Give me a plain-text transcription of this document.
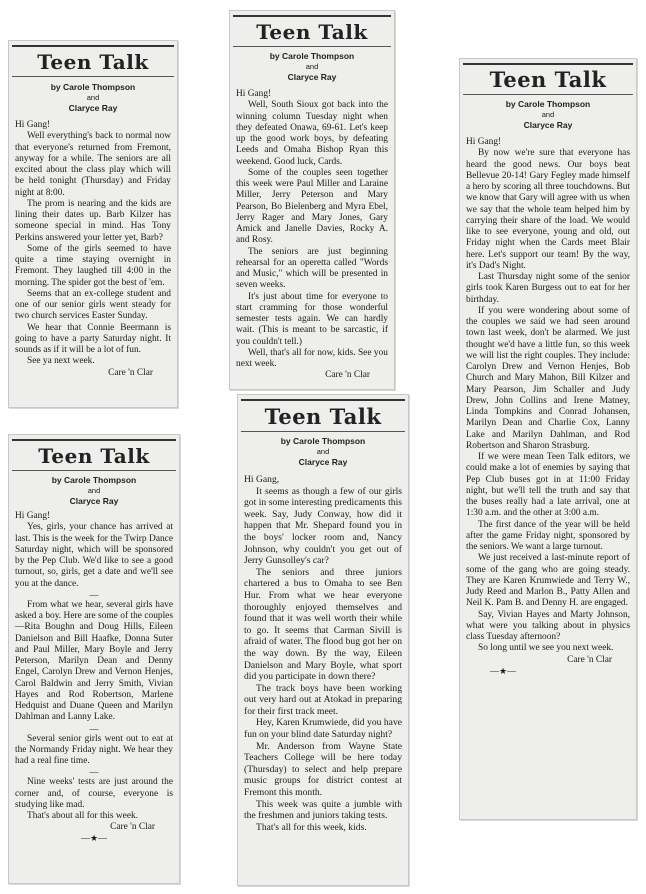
Teen Talk
by Carole Thompson
and
Claryce Ray

Hi Gang!

Well everything's back to normal now that everyone's returned from Fremont, anyway for a while. The seniors are all excited about the class play which will be held tonight (Thursday) and Friday night at 8:00.

The prom is nearing and the kids are lining their dates up. Barb Kilzer has someone special in mind. Has Tony Perkins answered your letter yet, Barb?

Some of the girls seemed to have quite a time staying overnight in Fremont. They laughed till 4:00 in the morning. The spider got the best of 'em.

Seems that an ex-college student and one of our senior girls went steady for two church services Easter Sunday.

We hear that Connie Beermann is going to have a party Saturday night. It sounds as if it will be a lot of fun.

See ya next week.

Care 'n Clar
Teen Talk
by Carole Thompson
and
Claryce Ray

Hi Gang!

Well, South Sioux got back into the winning column Tuesday night when they defeated Onawa, 69-61. Let's keep up the good work boys, by defeating Leeds and Omaha Bishop Ryan this weekend. Good luck, Cards.

Some of the couples seen together this week were Paul Miller and Laraine Miller, Jerry Peterson and Mary Pearson, Bo Bielenberg and Myra Ebel, Jerry Rager and Mary Jones, Gary Amick and Janelle Davies, Rocky A. and Rosy.

The seniors are just beginning rehearsal for an operetta called "Words and Music," which will be presented in seven weeks.

It's just about time for everyone to start cramming for those wonderful semester tests again. We can hardly wait. (This is meant to be sarcastic, if you couldn't tell.)

Well, that's all for now, kids. See you next week.

Care 'n Clar
Teen Talk
by Carole Thompson
and
Claryce Ray

Hi Gang!

By now we're sure that everyone has heard the good news. Our boys beat Bellevue 20-14! Gary Fegley made himself a hero by scoring all three touchdowns. But we know that Gary will agree with us when we say that the whole team helped him by carrying their share of the load. We would like to see everyone, young and old, out Friday night when the Cards meet Blair here. Let's support our team! By the way, it's Dad's Night.

Last Thursday night some of the senior girls took Karen Burgess out to eat for her birthday.

If you were wondering about some of the couples we said we had seen around town last week, don't be alarmed. We just thought we'd have a little fun, so this week we will list the right couples. They include: Carolyn Drew and Vernon Henjes, Bob Church and Mary Mahon, Bill Kilzer and Mary Pearson, Jim Schaller and Judy Drew, John Collins and Irene Matney, Linda Tompkins and Conrad Johansen, Marilyn Dean and Charlie Cox, Lanny Lake and Marilyn Dahlman, and Rod Robertson and Sharon Strasburg.

If we were mean Teen Talk editors, we could make a lot of enemies by saying that Pep Club buses got in at 11:00 Friday night, but we'll tell the truth and say that the buses really had a late arrival, one at 1:30 a.m. and the other at 3:00 a.m.

The first dance of the year will be held after the game Friday night, sponsored by the seniors. We want a large turnout.

We just received a last-minute report of some of the gang who are going steady. They are Karen Krumwiede and Terry W., Judy Reed and Marlon B., Patty Allen and Neil K. Pam B. and Denny H. are engaged.

Say, Vivian Hayes and Marty Johnson, what were you talking about in physics class Tuesday afternoon?

So long until we see you next week.

Care 'n Clar
—★—
Teen Talk
by Carole Thompson
and
Claryce Ray

Hi Gang!

Yes, girls, your chance has arrived at last. This is the week for the Twirp Dance Saturday night, which will be sponsored by the Pep Club. We'd like to see a good turnout, so, girls, get a date and we'll see you at the dance.

—

From what we hear, several girls have asked a boy. Here are some of the couples—Rita Boughn and Doug Hills, Eileen Danielson and Bill Haafke, Donna Suter and Paul Miller, Mary Boyle and Jerry Peterson, Marilyn Dean and Denny Engel, Carolyn Drew and Vernon Henjes, Carol Baldwin and Jerry Smith, Vivian Hayes and Rod Robertson, Marlene Hedquist and Duane Queen and Marilyn Dahlman and Lanny Lake.

—

Several senior girls went out to eat at the Normandy Friday night. We hear they had a real fine time.

—

Nine weeks' tests are just around the corner and, of course, everyone is studying like mad.

That's about all for this week.

Care 'n Clar
—★—
Teen Talk
by Carole Thompson
and
Claryce Ray

Hi Gang,

It seems as though a few of our girls got in some interesting predicaments this week. Say, Judy Conway, how did it happen that Mr. Shepard found you in the boys' locker room and, Nancy Johnson, why couldn't you get out of Jerry Gunsolley's car?

The seniors and three juniors chartered a bus to Omaha to see Ben Hur. From what we hear everyone thoroughly enjoyed themselves and found that it was well worth their while to go. It seems that Carman Sivill is afraid of water. The flood bug got her on the way down. By the way, Eileen Danielson and Mary Boyle, what sport did you participate in down there?

The track boys have been working out very hard out at Atokad in preparing for their first track meet.

Hey, Karen Krumwiede, did you have fun on your blind date Saturday night?

Mr. Anderson from Wayne State Teachers College will be here today (Thursday) to select and help prepare music groups for district contest at Fremont this month.

This week was quite a jumble with the freshmen and juniors taking tests.

That's all for this week, kids.
